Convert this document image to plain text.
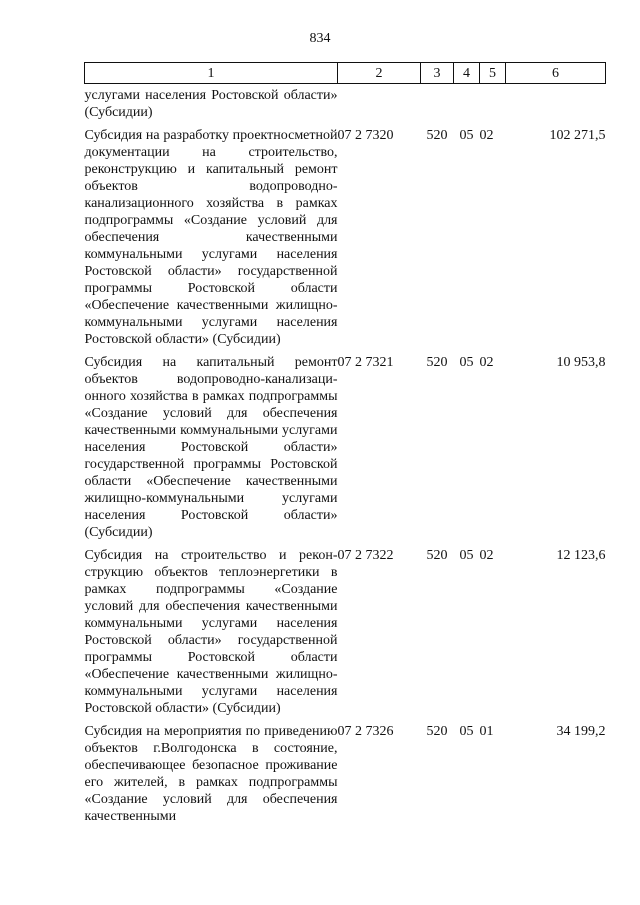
834
1	2	3	4	5	6
услугами населения Ростовской области» (Субсидии)					
Субсидия на разработку проектносметной документации на строительство, реконструкцию и капитальный ремонт объектов водопроводно-канализационного хозяйства в рамках подпрограммы «Создание условий для обеспечения качественными коммунальными услугами населения Ростовской области» государственной программы Ростовской области «Обеспечение качественными жилищно-коммунальными услугами населения Ростовской области» (Субсидии)	07 2 7320	520	05	02	102 271,5
Субсидия на капитальный ремонт объектов водопроводно-канализационного хозяйства в рамках подпрограммы «Создание условий для обеспечения качественными коммунальными услугами населения Ростовской области» государственной программы Ростовской области «Обеспечение качественными жилищно-коммунальными услугами населения Ростовской области» (Субсидии)	07 2 7321	520	05	02	10 953,8
Субсидия на строительство и реконструкцию объектов теплоэнергетики в рамках подпрограммы «Создание условий для обеспечения качественными коммунальными услугами населения Ростовской области» государственной программы Ростовской области «Обеспечение качественными жилищно-коммунальными услугами населения Ростовской области» (Субсидии)	07 2 7322	520	05	02	12 123,6
Субсидия на мероприятия по приведению объектов г.Волгодонска в состояние, обеспечивающее безопасное проживание его жителей, в рамках подпрограммы «Создание условий для обеспечения качественными	07 2 7326	520	05	01	34 199,2
